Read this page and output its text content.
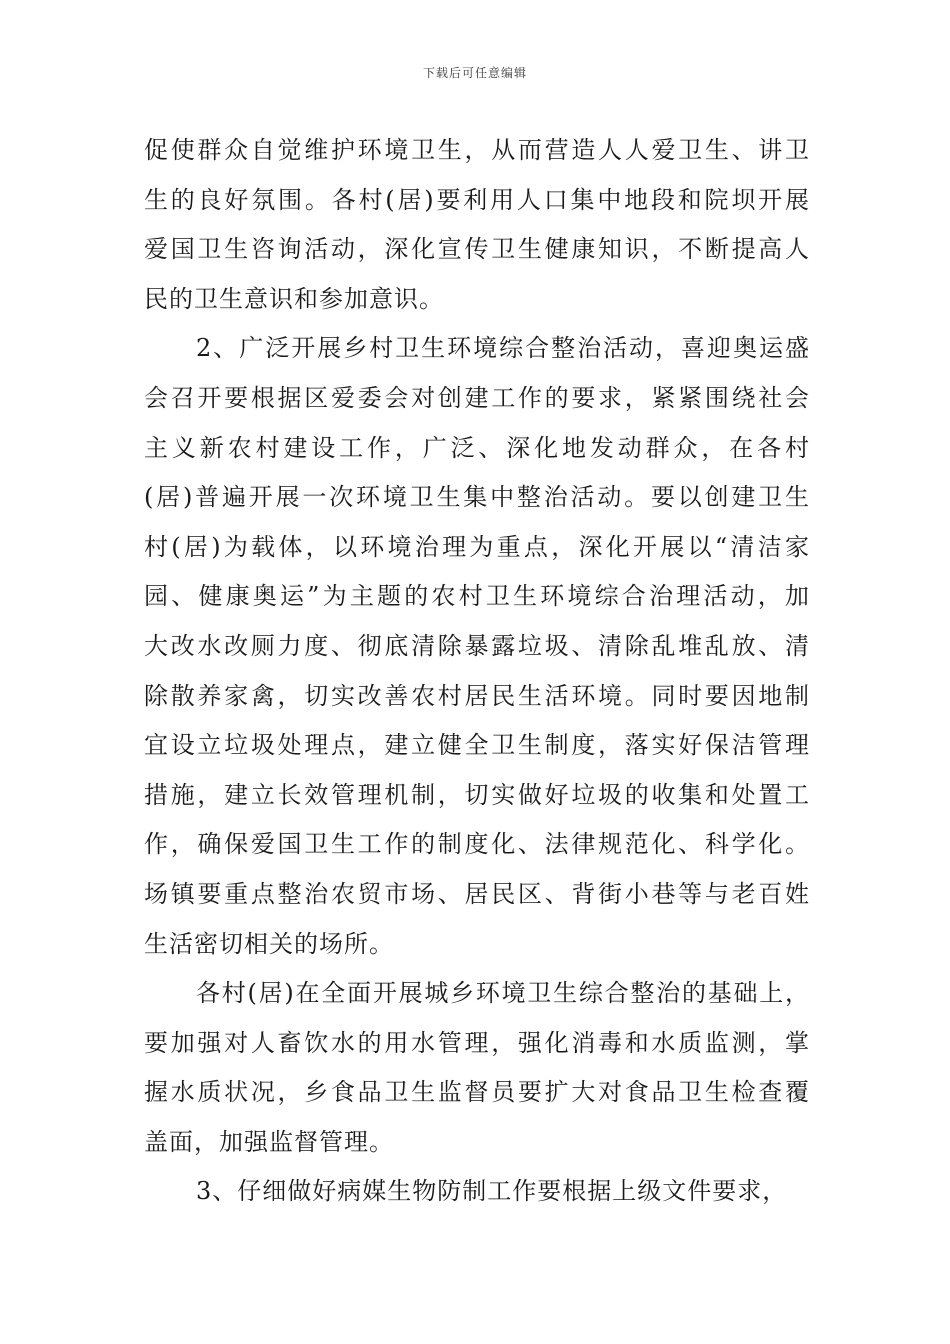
下载后可任意编辑
促使群众自觉维护环境卫生，从而营造人人爱卫生、讲卫
生的良好氛围。各村(居)要利用人口集中地段和院坝开展
爱国卫生咨询活动，深化宣传卫生健康知识，不断提高人
民的卫生意识和参加意识。
2、广泛开展乡村卫生环境综合整治活动，喜迎奥运盛
会召开要根据区爱委会对创建工作的要求，紧紧围绕社会
主义新农村建设工作，广泛、深化地发动群众，在各村
(居)普遍开展一次环境卫生集中整治活动。要以创建卫生
村(居)为载体，以环境治理为重点，深化开展以“清洁家
园、健康奥运”为主题的农村卫生环境综合治理活动，加
大改水改厕力度、彻底清除暴露垃圾、清除乱堆乱放、清
除散养家禽，切实改善农村居民生活环境。同时要因地制
宜设立垃圾处理点，建立健全卫生制度，落实好保洁管理
措施，建立长效管理机制，切实做好垃圾的收集和处置工
作，确保爱国卫生工作的制度化、法律规范化、科学化。
场镇要重点整治农贸市场、居民区、背街小巷等与老百姓
生活密切相关的场所。
各村(居)在全面开展城乡环境卫生综合整治的基础上，
要加强对人畜饮水的用水管理，强化消毒和水质监测，掌
握水质状况，乡食品卫生监督员要扩大对食品卫生检查覆
盖面，加强监督管理。
3、仔细做好病媒生物防制工作要根据上级文件要求，
